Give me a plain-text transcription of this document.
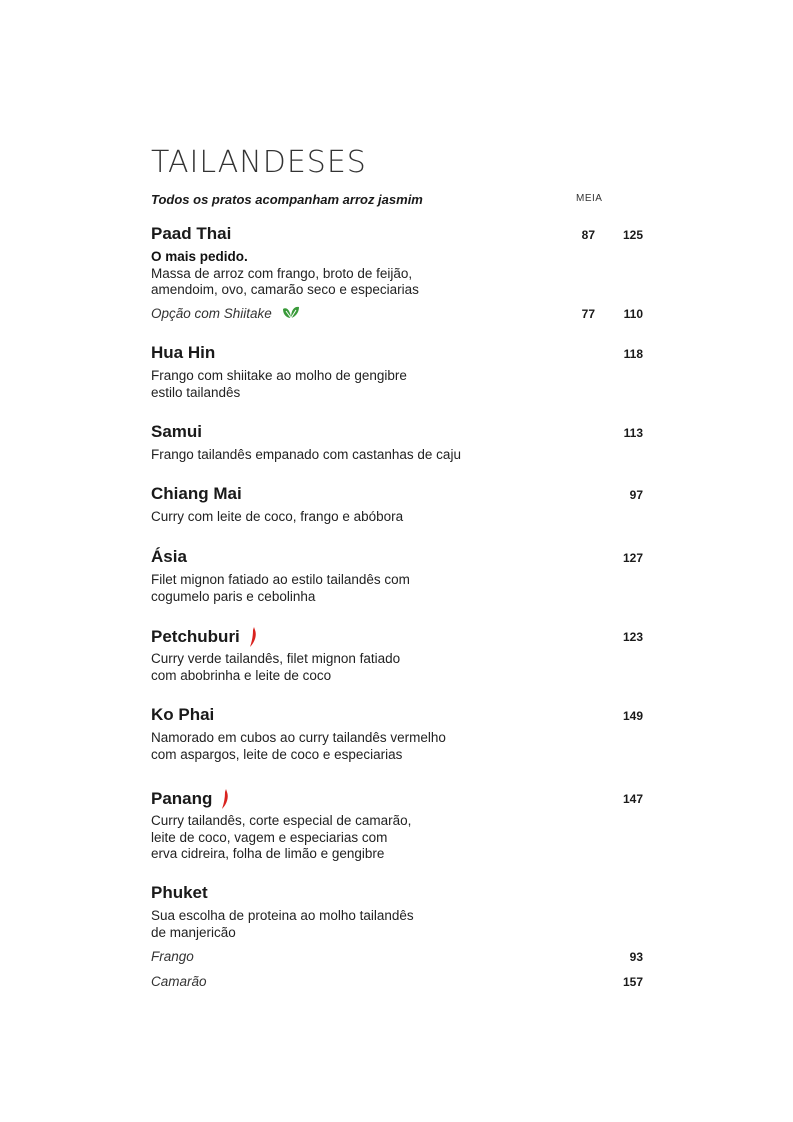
TAILANDESES
Todos os pratos acompanham arroz jasmim	MEIA
Paad Thai	87	125
O mais pedido.
Massa de arroz com frango, broto de feijão,
amendoim, ovo, camarão seco e especiarias
Opção com Shiitake	77	110
Hua Hin	118
Frango com shiitake ao molho de gengibre
estilo tailandês
Samui	113
Frango tailandês empanado com castanhas de caju
Chiang Mai	97
Curry com leite de coco, frango e abóbora
Ásia	127
Filet mignon fatiado ao estilo tailandês com
cogumelo paris e cebolinha
Petchuburi	123
Curry verde tailandês, filet mignon fatiado
com abobrinha e leite de coco
Ko Phai	149
Namorado em cubos ao curry tailandês vermelho
com aspargos, leite de coco e especiarias
Panang	147
Curry tailandês, corte especial de camarão,
leite de coco, vagem e especiarias com
erva cidreira, folha de limão e gengibre
Phuket
Sua escolha de proteina ao molho tailandês
de manjericão
Frango	93
Camarão	157
